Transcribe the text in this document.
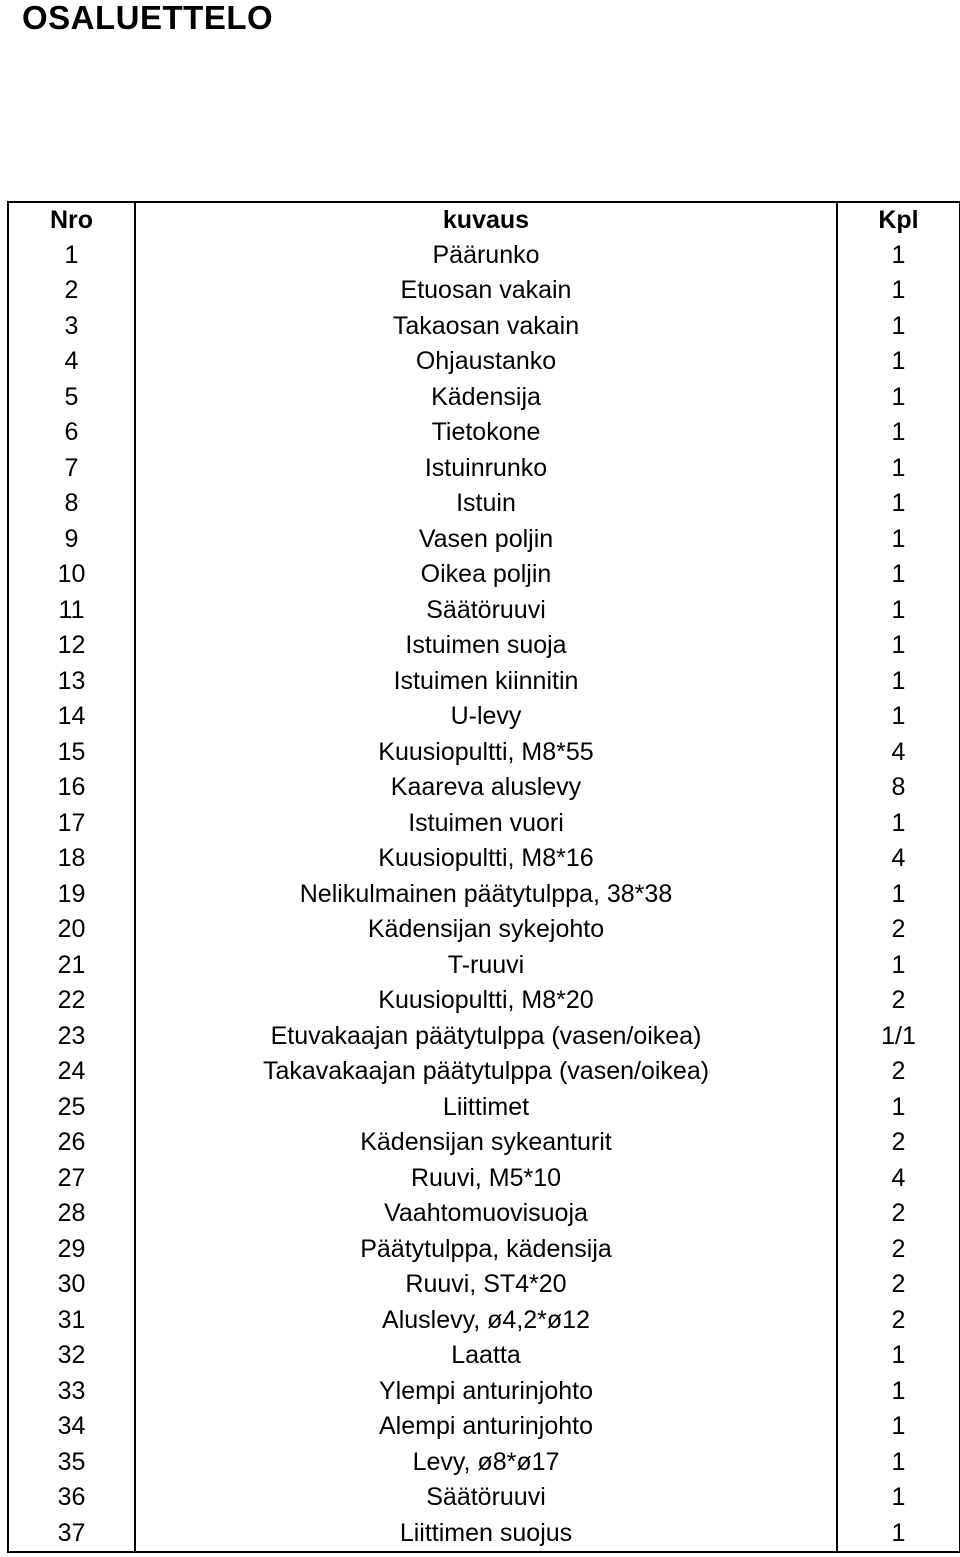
OSALUETTELO
Nro	kuvaus	Kpl
1	Päärunko	1
2	Etuosan vakain	1
3	Takaosan vakain	1
4	Ohjaustanko	1
5	Kädensija	1
6	Tietokone	1
7	Istuinrunko	1
8	Istuin	1
9	Vasen poljin	1
10	Oikea poljin	1
11	Säätöruuvi	1
12	Istuimen suoja	1
13	Istuimen kiinnitin	1
14	U-levy	1
15	Kuusiopultti, M8*55	4
16	Kaareva aluslevy	8
17	Istuimen vuori	1
18	Kuusiopultti, M8*16	4
19	Nelikulmainen päätytulppa, 38*38	1
20	Kädensijan sykejohto	2
21	T-ruuvi	1
22	Kuusiopultti, M8*20	2
23	Etuvakaajan päätytulppa (vasen/oikea)	1/1
24	Takavakaajan päätytulppa (vasen/oikea)	2
25	Liittimet	1
26	Kädensijan sykeanturit	2
27	Ruuvi, M5*10	4
28	Vaahtomuovisuoja	2
29	Päätytulppa, kädensija	2
30	Ruuvi, ST4*20	2
31	Aluslevy, ø4,2*ø12	2
32	Laatta	1
33	Ylempi anturinjohto	1
34	Alempi anturinjohto	1
35	Levy, ø8*ø17	1
36	Säätöruuvi	1
37	Liittimen suojus	1
